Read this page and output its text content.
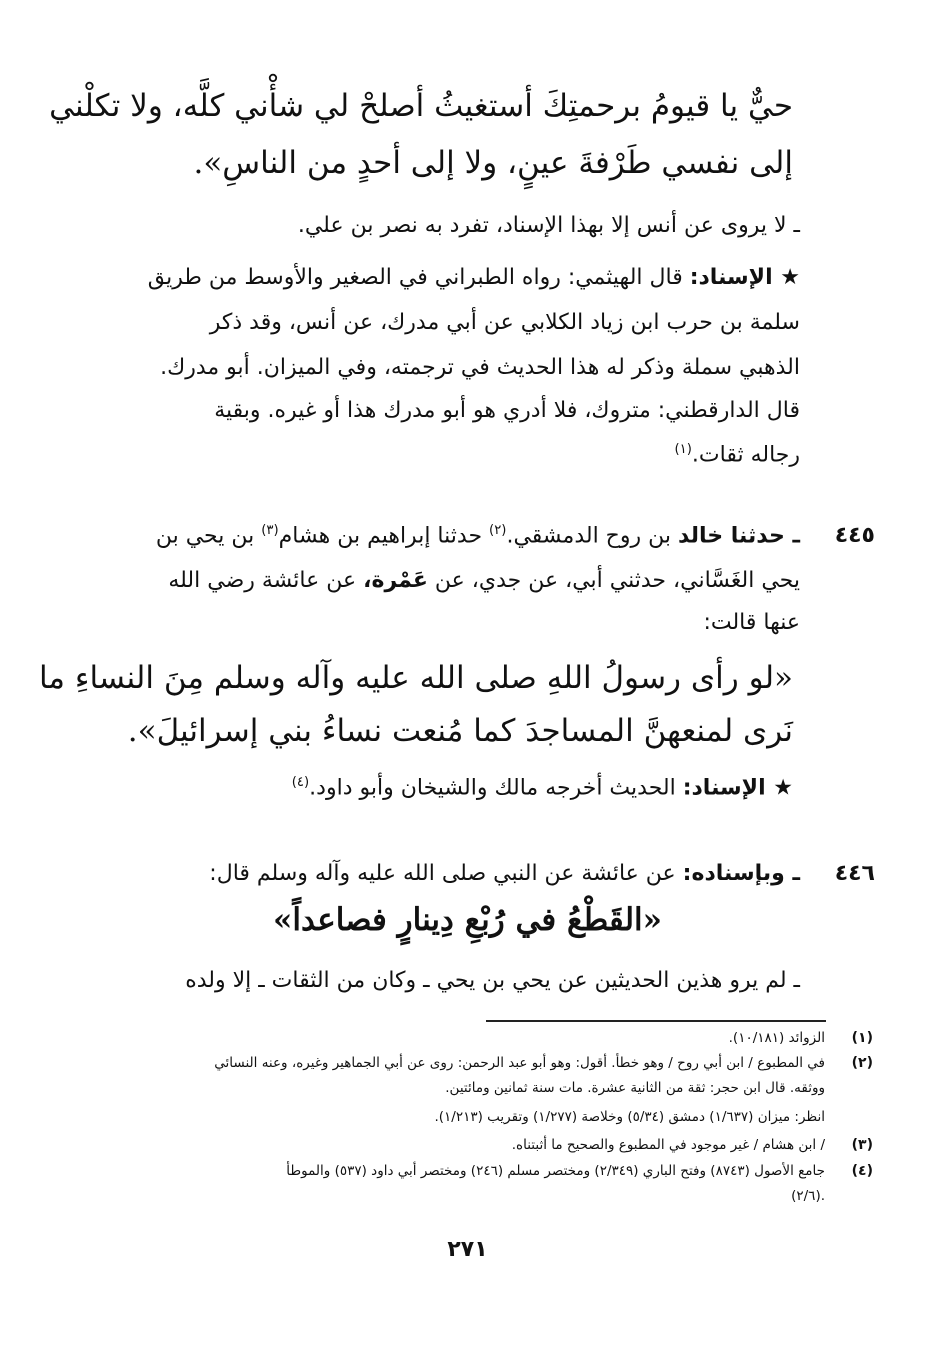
حيٌّ يا قيومُ برحمتِكَ أستغيثُ أصلحْ لي شأْني كلَّه، ولا تكلْني
إلى نفسي طَرْفةَ عينٍ، ولا إلى أحدٍ من الناسِ».
ـ لا يروى عن أنس إلا بهذا الإسناد، تفرد به نصر بن علي.
★ الإسناد: قال الهيثمي: رواه الطبراني في الصغير والأوسط من طريق
سلمة بن حرب ابن زياد الكلابي عن أبي مدرك، عن أنس، وقد ذكر
الذهبي سملة وذكر له هذا الحديث في ترجمته، وفي الميزان. أبو مدرك.
قال الدارقطني: متروك، فلا أدري هو أبو مدرك هذا أو غيره. وبقية
رجاله ثقات.$^{(١)}$
٤٤٥
ـ حدثنا خالد بن روح الدمشقي.$^{(٢)}$ حدثنا إبراهيم بن هشام$^{(٣)}$ بن يحي بن
يحي الغَسَّاني، حدثني أبي، عن جدي، عن عَمْرة، عن عائشة رضي الله
عنها قالت:
«لو رأى رسولُ اللهِ صلى الله عليه وآله وسلم مِنَ النساءِ ما
نَرى لمنعهنَّ المساجدَ كما مُنعت نساءُ بني إسرائيلَ».
★ الإسناد: الحديث أخرجه مالك والشيخان وأبو داود.$^{(٤)}$
٤٤٦
ـ وبإسناده: عن عائشة عن النبي صلى الله عليه وآله وسلم قال:
«القَطْعُ في رُبْعِ دِينارٍ فصاعداً»
ـ لم يرو هذين الحديثين عن يحي بن يحي ـ وكان من الثقات ـ إلا ولده
(١)
الزوائد (١٠/١٨١).
(٢)
في المطبوع / ابن أبي روح / وهو خطأ. أقول: وهو أبو عبد الرحمن: روى عن أبي الجماهير وغيره، وعنه النسائي
ووثقه. قال ابن حجر: ثقة من الثانية عشرة. مات سنة ثمانين ومائتين.
انظر: ميزان (١/٦٣٧) دمشق (٥/٣٤) وخلاصة (١/٢٧٧) وتقريب (١/٢١٣).
(٣)
/ ابن هشام / غير موجود في المطبوع والصحيح ما أثبتناه.
(٤)
جامع الأصول (٨٧٤٣) وفتح الباري (٢/٣٤٩) ومختصر مسلم (٢٤٦) ومختصر أبي داود (٥٣٧) والموطأ
(٢/٦).
٢٧١
